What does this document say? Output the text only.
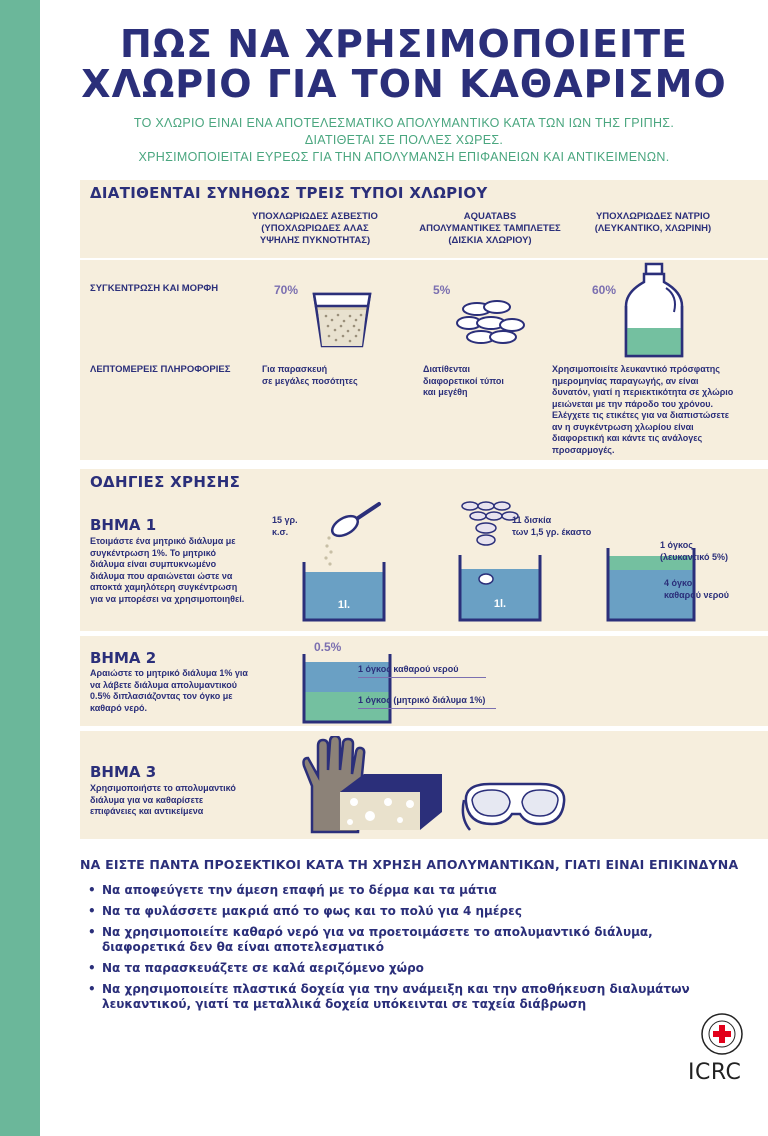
ΠΩΣ ΝΑ ΧΡΗΣΙΜΟΠΟΙΕΙΤΕ
ΧΛΩΡΙΟ ΓΙΑ ΤΟΝ ΚΑΘΑΡΙΣΜΟ
ΤΟ ΧΛΩΡΙΟ ΕΙΝΑΙ ΕΝΑ ΑΠΟΤΕΛΕΣΜΑΤΙΚΟ ΑΠΟΛΥΜΑΝΤΙΚΟ ΚΑΤΑ ΤΩΝ ΙΩΝ ΤΗΣ ΓΡΙΠΗΣ.
ΔΙΑΤΙΘΕΤΑΙ ΣΕ ΠΟΛΛΕΣ ΧΩΡΕΣ.
ΧΡΗΣΙΜΟΠΟΙΕΙΤΑΙ ΕΥΡΕΩΣ ΓΙΑ ΤΗΝ ΑΠΟΛΥΜΑΝΣΗ ΕΠΙΦΑΝΕΙΩΝ ΚΑΙ ΑΝΤΙΚΕΙΜΕΝΩΝ.
ΔΙΑΤΙΘΕΝΤΑΙ ΣΥΝΗΘΩΣ ΤΡΕΙΣ ΤΥΠΟΙ ΧΛΩΡΙΟΥ
ΥΠΟΧΛΩΡΙΩΔΕΣ ΑΣΒΕΣΤΙΟ
(ΥΠΟΧΛΩΡΙΩΔΕΣ ΑΛΑΣ
ΥΨΗΛΗΣ ΠΥΚΝΟΤΗΤΑΣ)
AQUATABS
ΑΠΟΛΥΜΑΝΤΙΚΕΣ ΤΑΜΠΛΕΤΕΣ
(ΔΙΣΚΙΑ ΧΛΩΡΙΟΥ)
ΥΠΟΧΛΩΡΙΩΔΕΣ ΝΑΤΡΙΟ
(ΛΕΥΚΑΝΤΙΚΟ, ΧΛΩΡΙΝΗ)
ΣΥΓΚΕΝΤΡΩΣΗ ΚΑΙ ΜΟΡΦΗ
ΛΕΠΤΟΜΕΡΕΙΣ ΠΛΗΡΟΦΟΡΙΕΣ
70%	5%	60%
Για παρασκευή
σε μεγάλες ποσότητες
Διατίθενται
διαφορετικοί τύποι
και μεγέθη
Χρησιμοποιείτε λευκαντικό πρόσφατης
ημερομηνίας παραγωγής, αν είναι
δυνατόν, γιατί η περιεκτικότητα σε χλώριο
μειώνεται με την πάροδο του χρόνου.
Ελέγχετε τις ετικέτες για να διαπιστώσετε
αν η συγκέντρωση χλωρίου είναι
διαφορετική και κάντε τις ανάλογες
προσαρμογές.
ΟΔΗΓΙΕΣ ΧΡΗΣΗΣ
ΒΗΜΑ 1
Ετοιμάστε ένα μητρικό διάλυμα με
συγκέντρωση 1%. Το μητρικό
διάλυμα είναι συμπυκνωμένο
διάλυμα που αραιώνεται ώστε να
αποκτά χαμηλότερη συγκέντρωση
για να μπορέσει να χρησιμοποιηθεί.
15 γρ.
κ.σ.
1l.
11 δισκία
των 1,5 γρ. έκαστο
1l.
1 όγκος
(λευκαντικό 5%)
4 όγκοι
καθαρού νερού
ΒΗΜΑ 2
Αραιώστε το μητρικό διάλυμα 1% για
να λάβετε διάλυμα απολυμαντικού
0.5% διπλασιάζοντας τον όγκο με
καθαρό νερό.
0.5%
1 όγκος καθαρού νερού
1 όγκος (μητρικό διάλυμα 1%)
ΒΗΜΑ 3
Χρησιμοποιήστε το απολυμαντικό
διάλυμα για να καθαρίσετε
επιφάνειες και αντικείμενα
ΝΑ ΕΙΣΤΕ ΠΑΝΤΑ ΠΡΟΣΕΚΤΙΚΟΙ ΚΑΤΑ ΤΗ ΧΡΗΣΗ ΑΠΟΛΥΜΑΝΤΙΚΩΝ, ΓΙΑΤΙ ΕΙΝΑΙ ΕΠΙΚΙΝΔΥΝΑ
• Να αποφεύγετε την άμεση επαφή με το δέρμα και τα μάτια
• Να τα φυλάσσετε μακριά από το φως και το πολύ για 4 ημέρες
• Να χρησιμοποιείτε καθαρό νερό για να προετοιμάσετε το απολυμαντικό διάλυμα, διαφορετικά δεν θα είναι αποτελεσματικό
• Να τα παρασκευάζετε σε καλά αεριζόμενο χώρο
• Να χρησιμοποιείτε πλαστικά δοχεία για την ανάμειξη και την αποθήκευση διαλυμάτων λευκαντικού, γιατί τα μεταλλικά δοχεία υπόκεινται σε ταχεία διάβρωση
ICRC
